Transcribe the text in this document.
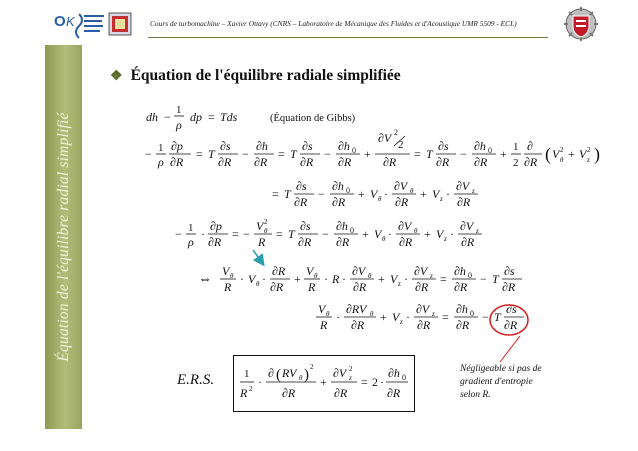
O K	Cours de turbomachine – Xavier Ottavy (CNRS – Laboratoire de Mécanique des Fluides et d'Acoustique UMR 5509 - ECL)
Équation de l'équilibre radial simplifié
❖ Équation de l'équilibre radiale simplifiée
dh − 1
ρ
dp = Tds	(Équation de Gibbs)
− 1
ρ
∂p
∂R
= T
∂s
∂R
−
∂h
∂R
= T
∂s
∂R
−
∂h 0
∂R
+
∂V 2
2
∂R
= T
∂s
∂R
−
∂h 0
∂R
+ 1
2
∂
∂R ( V 2
θ + V 2
z )
= T
∂s
∂R
−
∂h 0
∂R
+ V θ ·
∂V θ
∂R
+ V z ·
∂V z
∂R
− 1
ρ
·
∂p
∂R
= −
V 2
θ
R
= T
∂s
∂R
−
∂h 0
∂R
+ V θ ·
∂V θ
∂R
+ V z ·
∂V z
∂R
⇔
V θ
R
· V θ ·
∂R
∂R
+
V θ
R
· R ·
∂V θ
∂R
+ V z ·
∂V z
∂R
=
∂h 0
∂R
− T
∂s
∂R
V θ
R
·
∂RV θ
∂R
+ V z ·
∂V z
∂R
=
∂h 0
∂R
− T
∂s
∂R
1
R 2 ·
∂ ( RV θ ) 2
∂R
+
∂V 2
z
∂R
= 2 ·
∂h 0
∂R
E.R.S.
Négligeable si pas de
gradient d'entropie
selon R.
